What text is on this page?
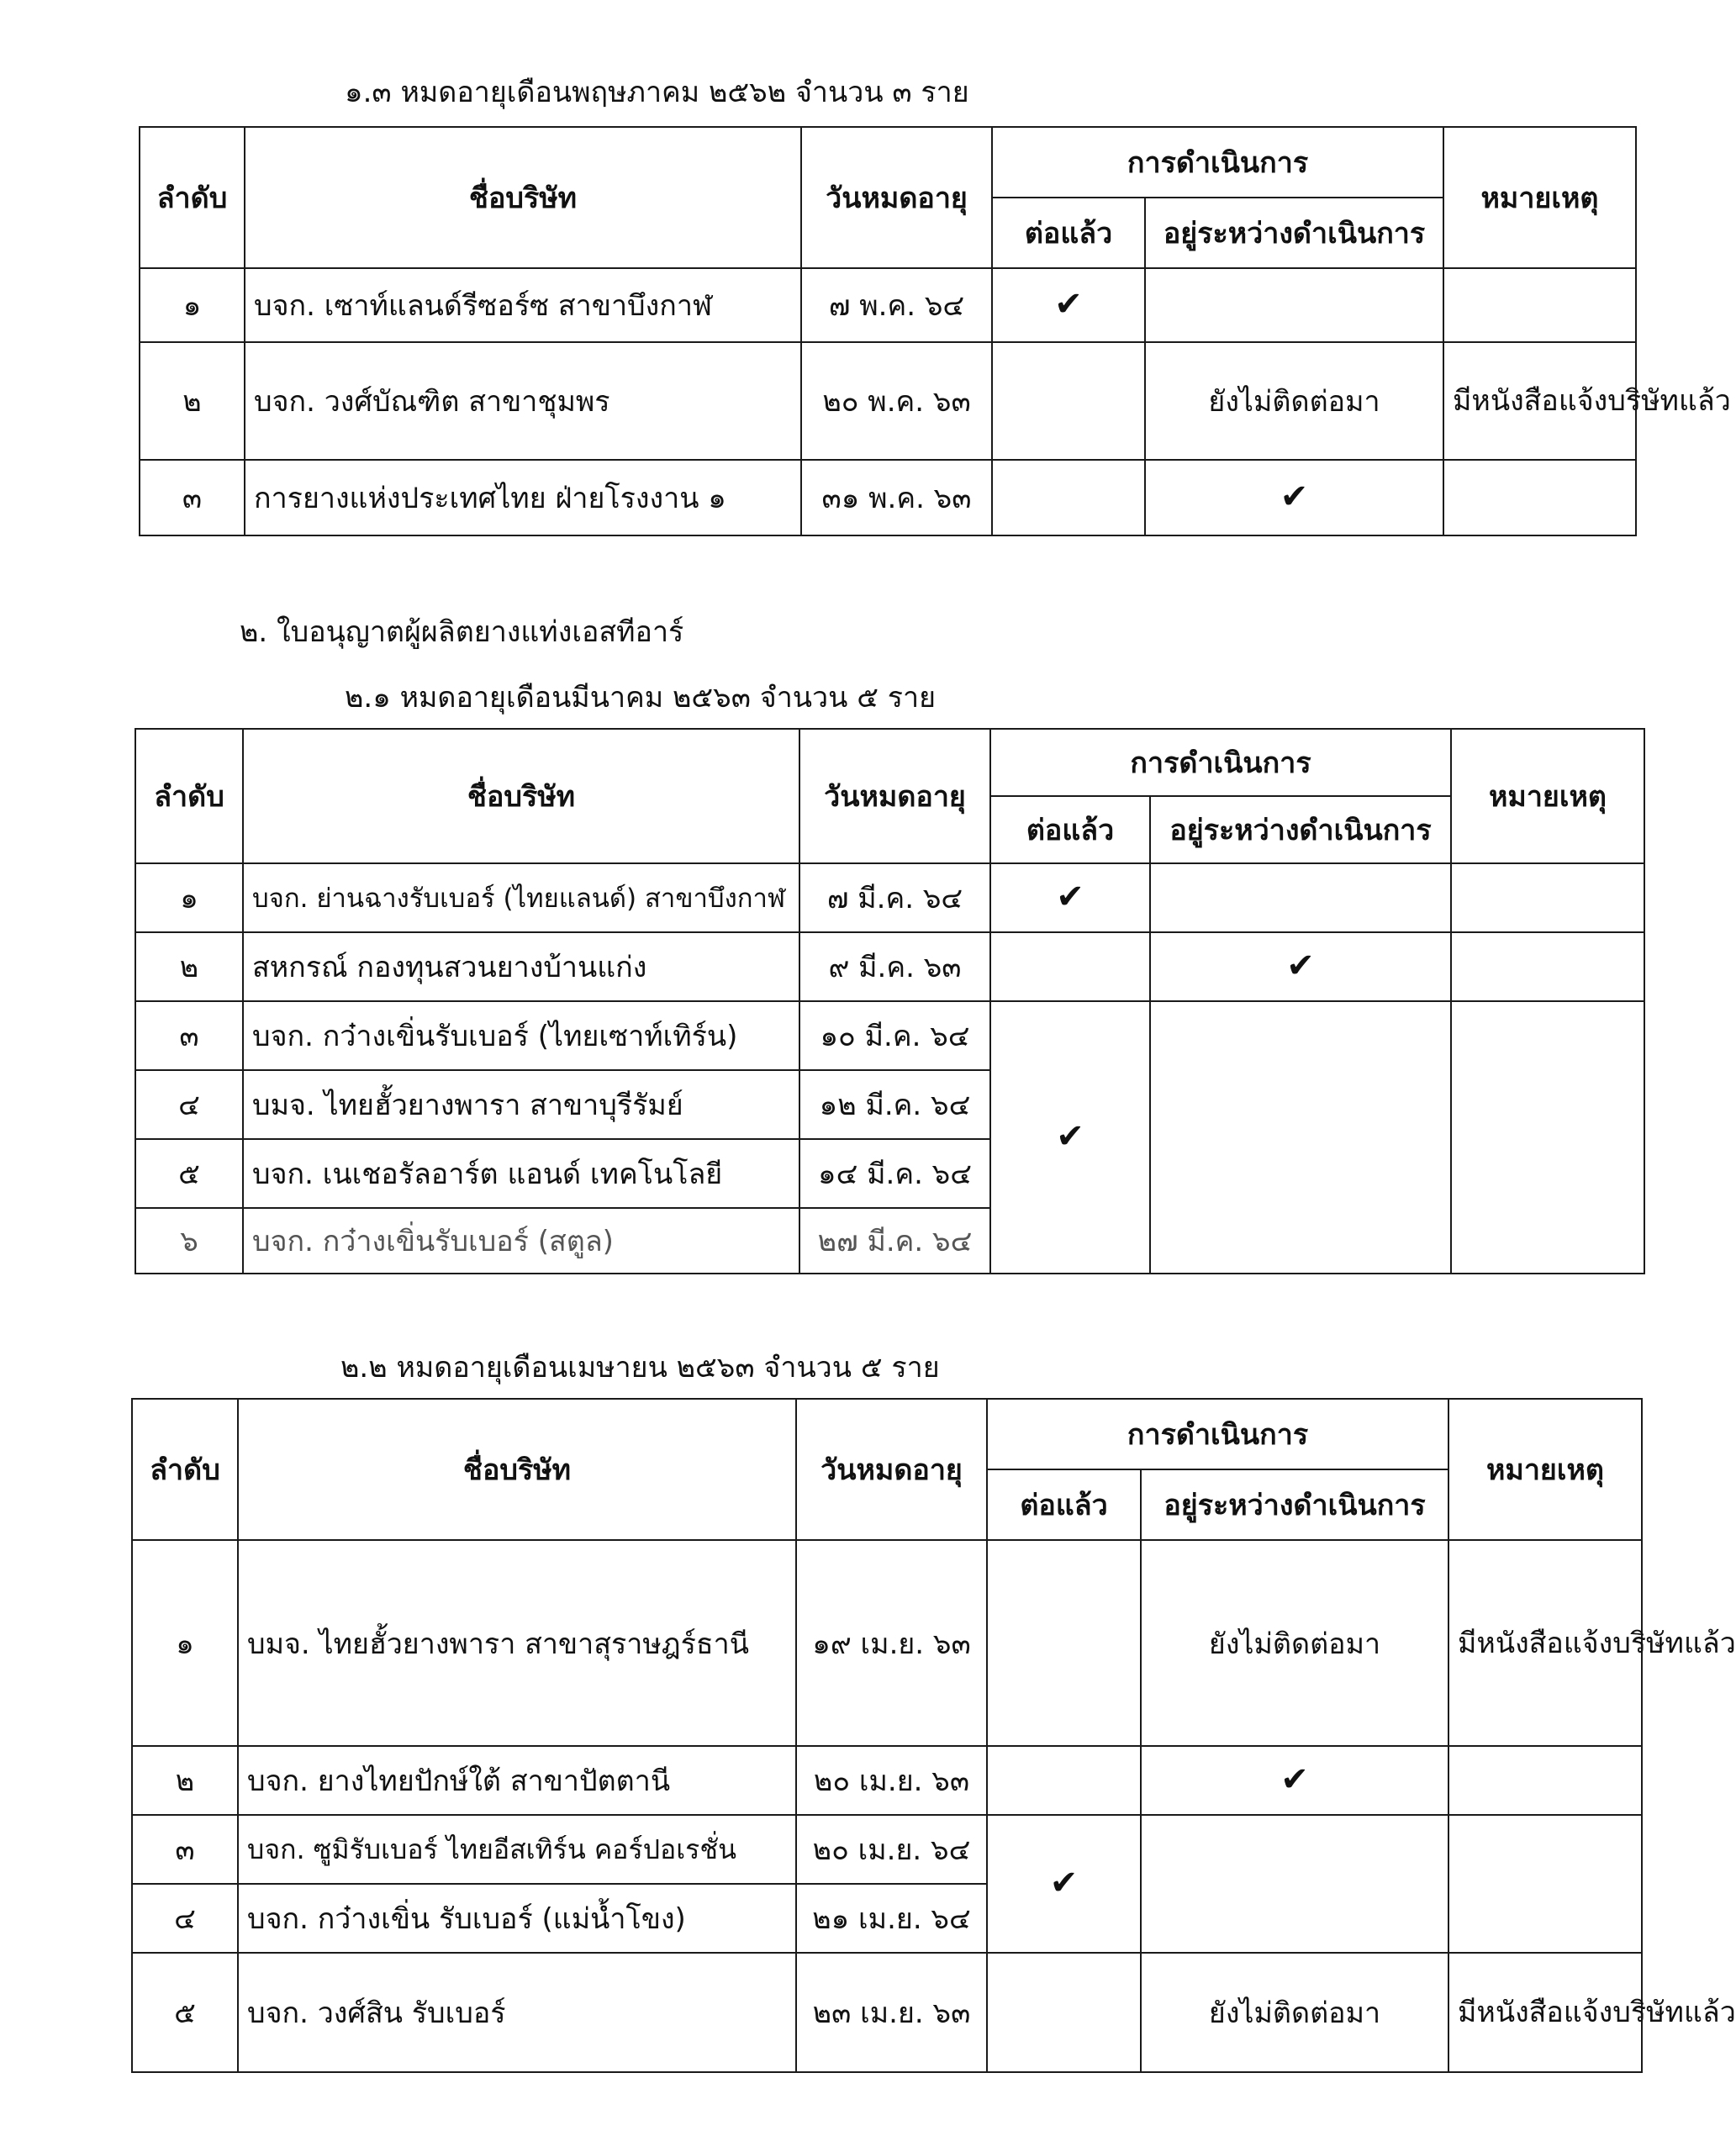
๑.๓ หมดอายุเดือนพฤษภาคม ๒๕๖๒ จำนวน ๓ ราย
ลำดับ	ชื่อบริษัท	วันหมดอายุ	การดำเนินการ		หมายเหตุ
			ต่อแล้ว	อยู่ระหว่างดำเนินการ	
๑	บจก. เซาท์แลนด์รีซอร์ซ สาขาบึงกาฬ	๗ พ.ค. ๖๔	✔		
๒	บจก. วงศ์บัณฑิต สาขาชุมพร	๒๐ พ.ค. ๖๓		ยังไม่ติดต่อมา	มีหนังสือแจ้งบริษัทแล้ว
๓	การยางแห่งประเทศไทย ฝ่ายโรงงาน ๑	๓๑ พ.ค. ๖๓		✔	
๒. ใบอนุญาตผู้ผลิตยางแท่งเอสทีอาร์
๒.๑ หมดอายุเดือนมีนาคม ๒๕๖๓ จำนวน ๕ ราย
ลำดับ	ชื่อบริษัท	วันหมดอายุ	การดำเนินการ		หมายเหตุ
			ต่อแล้ว	อยู่ระหว่างดำเนินการ	
๑	บจก. ย่านฉางรับเบอร์ (ไทยแลนด์) สาขาบึงกาฬ	๗ มี.ค. ๖๔	✔		
๒	สหกรณ์ กองทุนสวนยางบ้านแก่ง	๙ มี.ค. ๖๓		✔	
๓	บจก. กว๋างเขิ่นรับเบอร์ (ไทยเซาท์เทิร์น)	๑๐ มี.ค. ๖๔	✔		
๔	บมจ. ไทยฮั้วยางพารา สาขาบุรีรัมย์	๑๒ มี.ค. ๖๔			
๕	บจก. เนเชอรัลอาร์ต แอนด์ เทคโนโลยี	๑๔ มี.ค. ๖๔			
๖	บจก. กว๋างเขิ่นรับเบอร์ (สตูล)	๒๗ มี.ค. ๖๔			
๒.๒ หมดอายุเดือนเมษายน ๒๕๖๓ จำนวน ๕ ราย
ลำดับ	ชื่อบริษัท	วันหมดอายุ	การดำเนินการ		หมายเหตุ
			ต่อแล้ว	อยู่ระหว่างดำเนินการ	
๑	บมจ. ไทยฮั้วยางพารา สาขาสุราษฎร์ธานี	๑๙ เม.ย. ๖๓		ยังไม่ติดต่อมา	มีหนังสือแจ้งบริษัทแล้ว
๒	บจก. ยางไทยปักษ์ใต้ สาขาปัตตานี	๒๐ เม.ย. ๖๓		✔	
๓	บจก. ซูมิรับเบอร์ ไทยอีสเทิร์น คอร์ปอเรชั่น	๒๐ เม.ย. ๖๔	✔		
๔	บจก. กว๋างเขิ่น รับเบอร์ (แม่น้ำโขง)	๒๑ เม.ย. ๖๔			
๕	บจก. วงศ์สิน รับเบอร์	๒๓ เม.ย. ๖๓		ยังไม่ติดต่อมา	มีหนังสือแจ้งบริษัทแล้ว
